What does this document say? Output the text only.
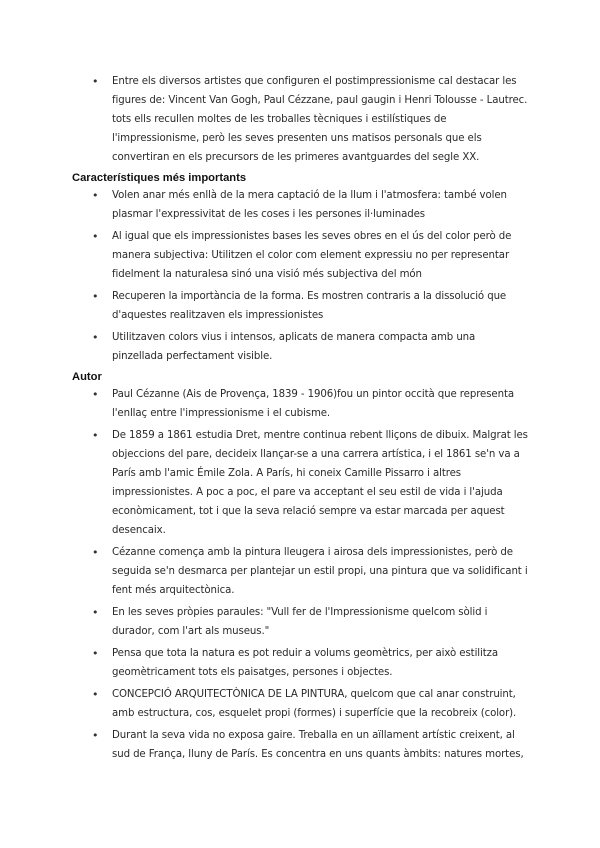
• Entre els diversos artistes que configuren el postimpressionisme cal destacar les figures de: Vincent Van Gogh, Paul Cézzane, paul gaugin i Henri Tolousse - Lautrec. tots ells recullen moltes de les troballes tècniques i estilístiques de l'impressionisme, però les seves presenten uns matisos personals que els convertiran en els precursors de les primeres avantguardes del segle XX.
Característiques més importants
• Volen anar més enllà de la mera captació de la llum i l'atmosfera: també volen plasmar l'expressivitat de les coses i les persones il·luminades
• Al igual que els impressionistes bases les seves obres en el ús del color però de manera subjectiva: Utilitzen el color com element expressiu no per representar fidelment la naturalesa sinó una visió més subjectiva del món
• Recuperen la importància de la forma. Es mostren contraris a la dissolució que d'aquestes realitzaven els impressionistes
• Utilitzaven colors vius i intensos, aplicats de manera compacta amb una pinzellada perfectament visible.
Autor
• Paul Cézanne (Ais de Provença, 1839 - 1906)fou un pintor occità que representa l'enllaç entre l'impressionisme i el cubisme.
• De 1859 a 1861 estudia Dret, mentre continua rebent lliçons de dibuix. Malgrat les objeccions del pare, decideix llançar-se a una carrera artística, i el 1861 se'n va a París amb l'amic Émile Zola. A París, hi coneix Camille Pissarro i altres impressionistes. A poc a poc, el pare va acceptant el seu estil de vida i l'ajuda econòmicament, tot i que la seva relació sempre va estar marcada per aquest desencaix.
• Cézanne comença amb la pintura lleugera i airosa dels impressionistes, però de seguida se'n desmarca per plantejar un estil propi, una pintura que va solidificant i fent més arquitectònica.
• En les seves pròpies paraules: "Vull fer de l'Impressionisme quelcom sòlid i durador, com l'art als museus."
• Pensa que tota la natura es pot reduir a volums geomètrics, per això estilitza geomètricament tots els paisatges, persones i objectes.
• CONCEPCIÓ ARQUITECTÒNICA DE LA PINTURA, quelcom que cal anar construint, amb estructura, cos, esquelet propi (formes) i superfície que la recobreix (color).
• Durant la seva vida no exposa gaire. Treballa en un aïllament artístic creixent, al sud de França, lluny de París. Es concentra en uns quants àmbits: natures mortes,
